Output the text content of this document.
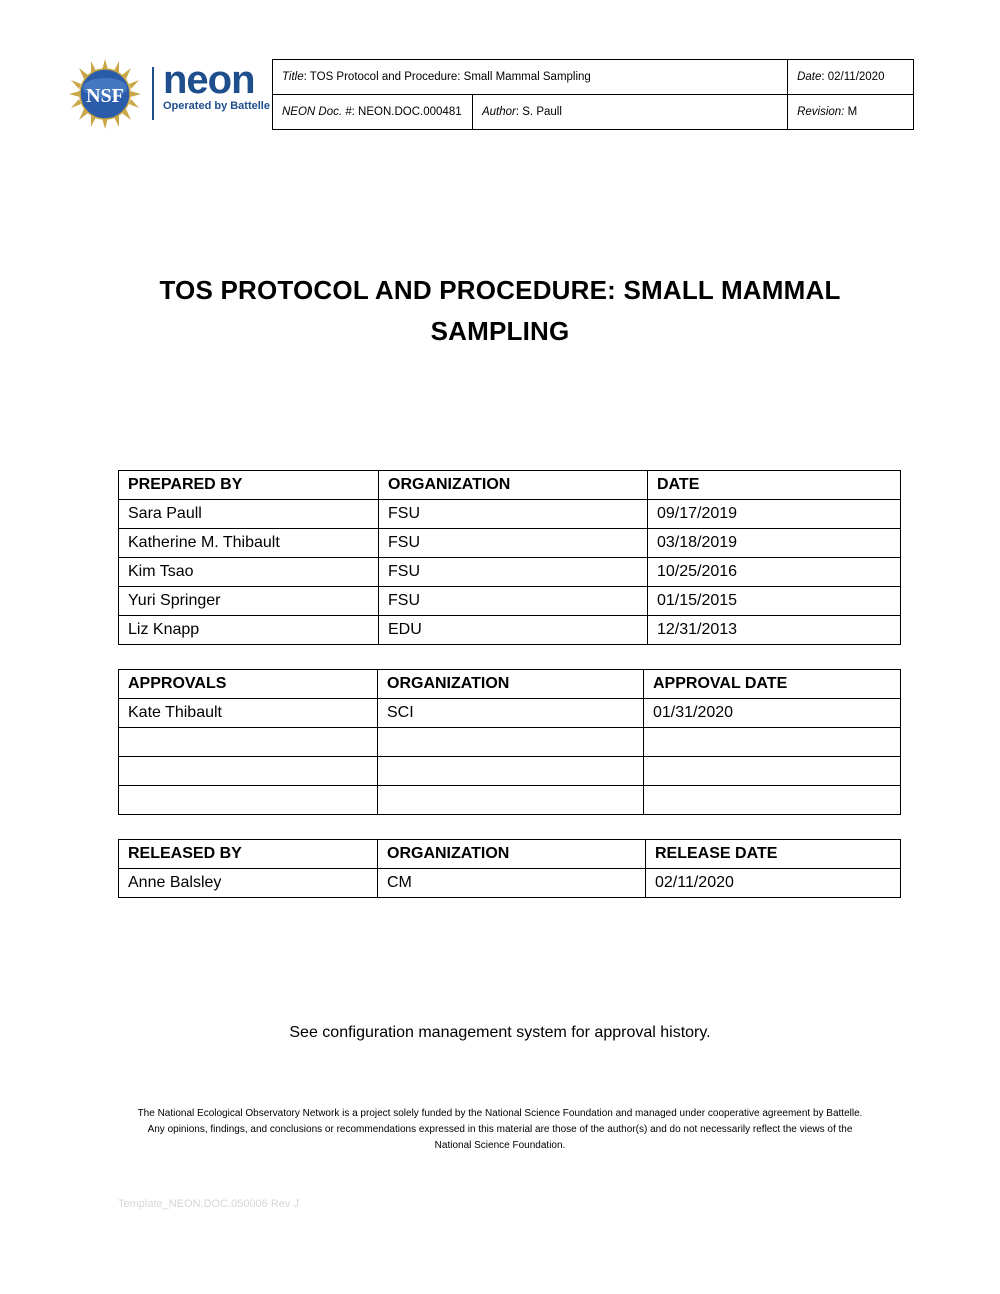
NSF neon
Operated by Battelle
Title: TOS Protocol and Procedure: Small Mammal Sampling		Date: 02/11/2020
NEON Doc. #: NEON.DOC.000481	Author: S. Paull	Revision: M
TOS PROTOCOL AND PROCEDURE: SMALL MAMMAL
SAMPLING
PREPARED BY	ORGANIZATION	DATE
Sara Paull	FSU	09/17/2019
Katherine M. Thibault	FSU	03/18/2019
Kim Tsao	FSU	10/25/2016
Yuri Springer	FSU	01/15/2015
Liz Knapp	EDU	12/31/2013
APPROVALS	ORGANIZATION	APPROVAL DATE
Kate Thibault	SCI	01/31/2020

RELEASED BY	ORGANIZATION	RELEASE DATE
Anne Balsley	CM	02/11/2020
See configuration management system for approval history.
The National Ecological Observatory Network is a project solely funded by the National Science Foundation and managed under cooperative agreement by Battelle.
Any opinions, findings, and conclusions or recommendations expressed in this material are those of the author(s) and do not necessarily reflect the views of the
National Science Foundation.
Template_NEON.DOC.050006 Rev J
